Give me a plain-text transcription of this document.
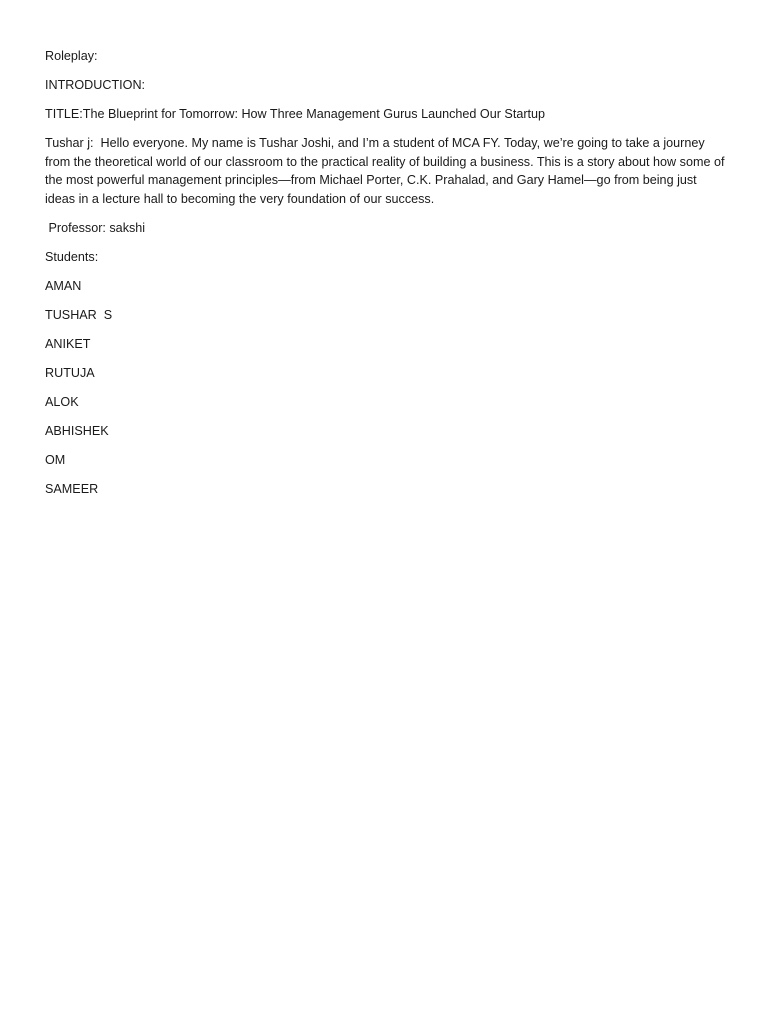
Roleplay:

INTRODUCTION:

TITLE:The Blueprint for Tomorrow: How Three Management Gurus Launched Our Startup

Tushar j:  Hello everyone. My name is Tushar Joshi, and I’m a student of MCA FY. Today, we’re going to take a journey from the theoretical world of our classroom to the practical reality of building a business. This is a story about how some of the most powerful management principles—from Michael Porter, C.K. Prahalad, and Gary Hamel—go from being just ideas in a lecture hall to becoming the very foundation of our success.

Professor: sakshi

Students:

AMAN

TUSHAR  S

ANIKET

RUTUJA

ALOK

ABHISHEK

OM

SAMEER
